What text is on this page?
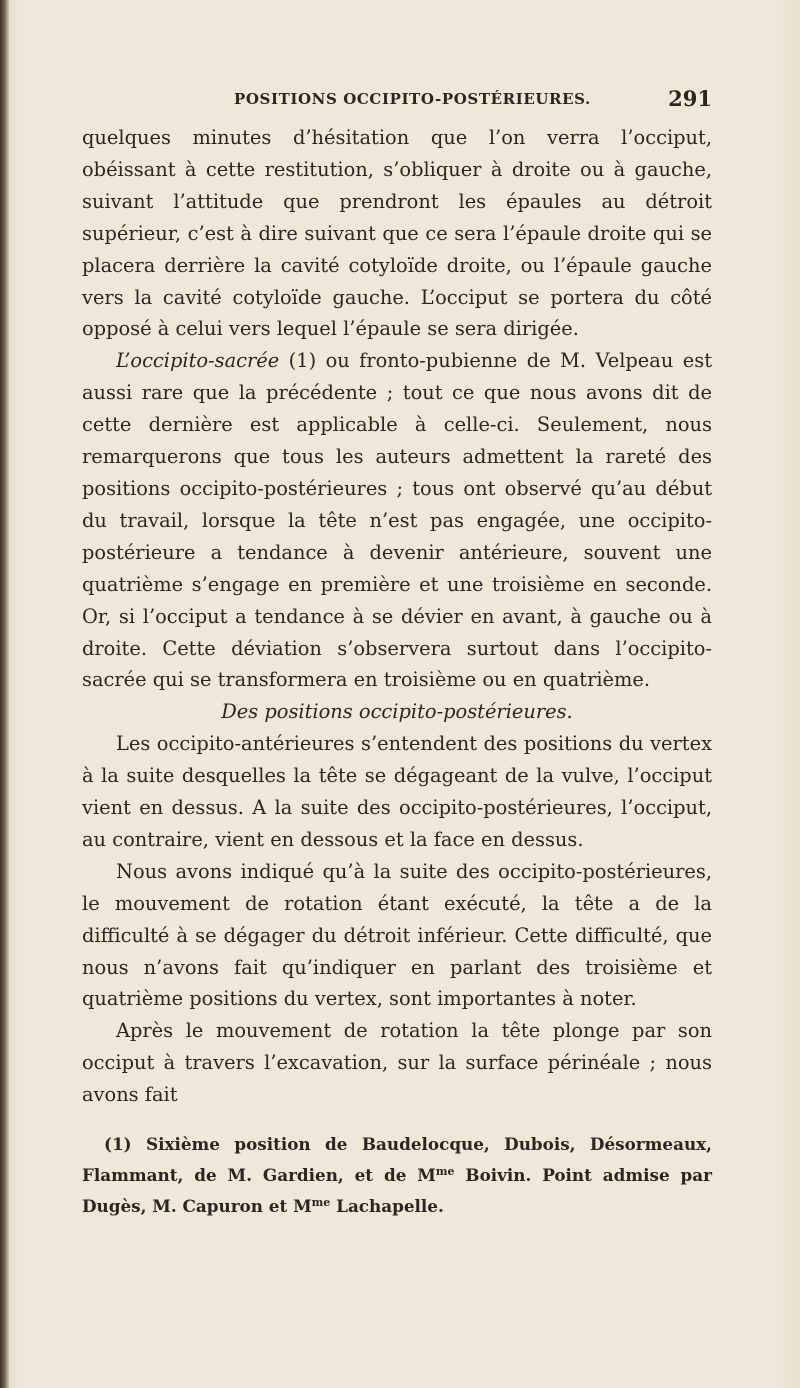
POSITIONS OCCIPITO-POSTÉRIEURES.	291

quelques minutes d’hésitation que l’on verra l’occiput, obéissant à cette restitution, s’obliquer à droite ou à gauche, suivant l’attitude que prendront les épaules au détroit supérieur, c’est à dire suivant que ce sera l’épaule droite qui se placera derrière la cavité cotyloïde droite, ou l’épaule gauche vers la cavité cotyloïde gauche. L’occiput se portera du côté opposé à celui vers lequel l’épaule se sera dirigée.

L’occipito-sacrée (1) ou fronto-pubienne de M. Velpeau est aussi rare que la précédente ; tout ce que nous avons dit de cette dernière est applicable à celle-ci. Seulement, nous remarquerons que tous les auteurs admettent la rareté des positions occipito-postérieures ; tous ont observé qu’au début du travail, lorsque la tête n’est pas engagée, une occipito-postérieure a tendance à devenir antérieure, souvent une quatrième s’engage en première et une troisième en seconde. Or, si l’occiput a tendance à se dévier en avant, à gauche ou à droite. Cette déviation s’observera surtout dans l’occipito-sacrée qui se transformera en troisième ou en quatrième.

Des positions occipito-postérieures.

Les occipito-antérieures s’entendent des positions du vertex à la suite desquelles la tête se dégageant de la vulve, l’occiput vient en dessus. A la suite des occipito-postérieures, l’occiput, au contraire, vient en dessous et la face en dessus.

Nous avons indiqué qu’à la suite des occipito-postérieures, le mouvement de rotation étant exécuté, la tête a de la difficulté à se dégager du détroit inférieur. Cette difficulté, que nous n’avons fait qu’indiquer en parlant des troisième et quatrième positions du vertex, sont importantes à noter.

Après le mouvement de rotation la tête plonge par son occiput à travers l’excavation, sur la surface périnéale ; nous avons fait

(1) Sixième position de Baudelocque, Dubois, Désormeaux, Flammant, de M. Gardien, et de $M^{me}$ Boivin. Point admise par Dugès, M. Capuron et $M^{me}$ Lachapelle.
